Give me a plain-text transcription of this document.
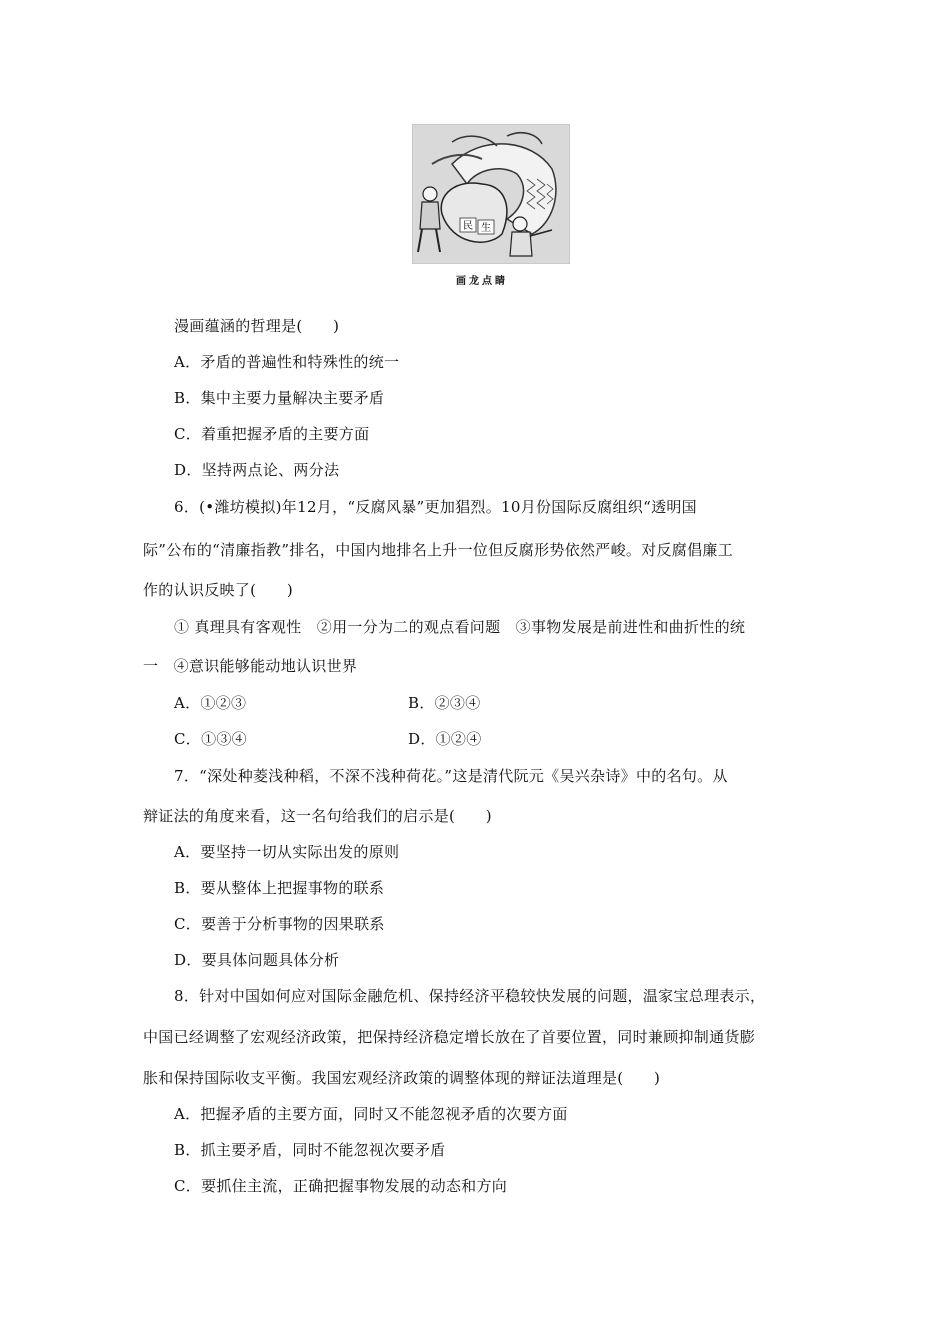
民 生
画龙点睛
漫画蕴涵的哲理是(　　)
A．矛盾的普遍性和特殊性的统一
B．集中主要力量解决主要矛盾
C．着重把握矛盾的主要方面
D．坚持两点论、两分法
6．(•潍坊模拟)年12月，“反腐风暴”更加猖烈。10月份国际反腐组织“透明国
际”公布的“清廉指教”排名，中国内地排名上升一位但反腐形势依然严峻。对反腐倡廉工
作的认识反映了(　　)
① 真理具有客观性　②用一分为二的观点看问题　③事物发展是前进性和曲折性的统
一　④意识能够能动地认识世界
A．①②③	B．②③④
C．①③④	D．①②④
7．“深处种菱浅种稻，不深不浅种荷花。”这是清代阮元《吴兴杂诗》中的名句。从
辩证法的角度来看，这一名句给我们的启示是(　　)
A．要坚持一切从实际出发的原则
B．要从整体上把握事物的联系
C．要善于分析事物的因果联系
D．要具体问题具体分析
8．针对中国如何应对国际金融危机、保持经济平稳较快发展的问题，温家宝总理表示，
中国已经调整了宏观经济政策，把保持经济稳定增长放在了首要位置，同时兼顾抑制通货膨
胀和保持国际收支平衡。我国宏观经济政策的调整体现的辩证法道理是(　　)
A．把握矛盾的主要方面，同时又不能忽视矛盾的次要方面
B．抓主要矛盾，同时不能忽视次要矛盾
C．要抓住主流，正确把握事物发展的动态和方向
